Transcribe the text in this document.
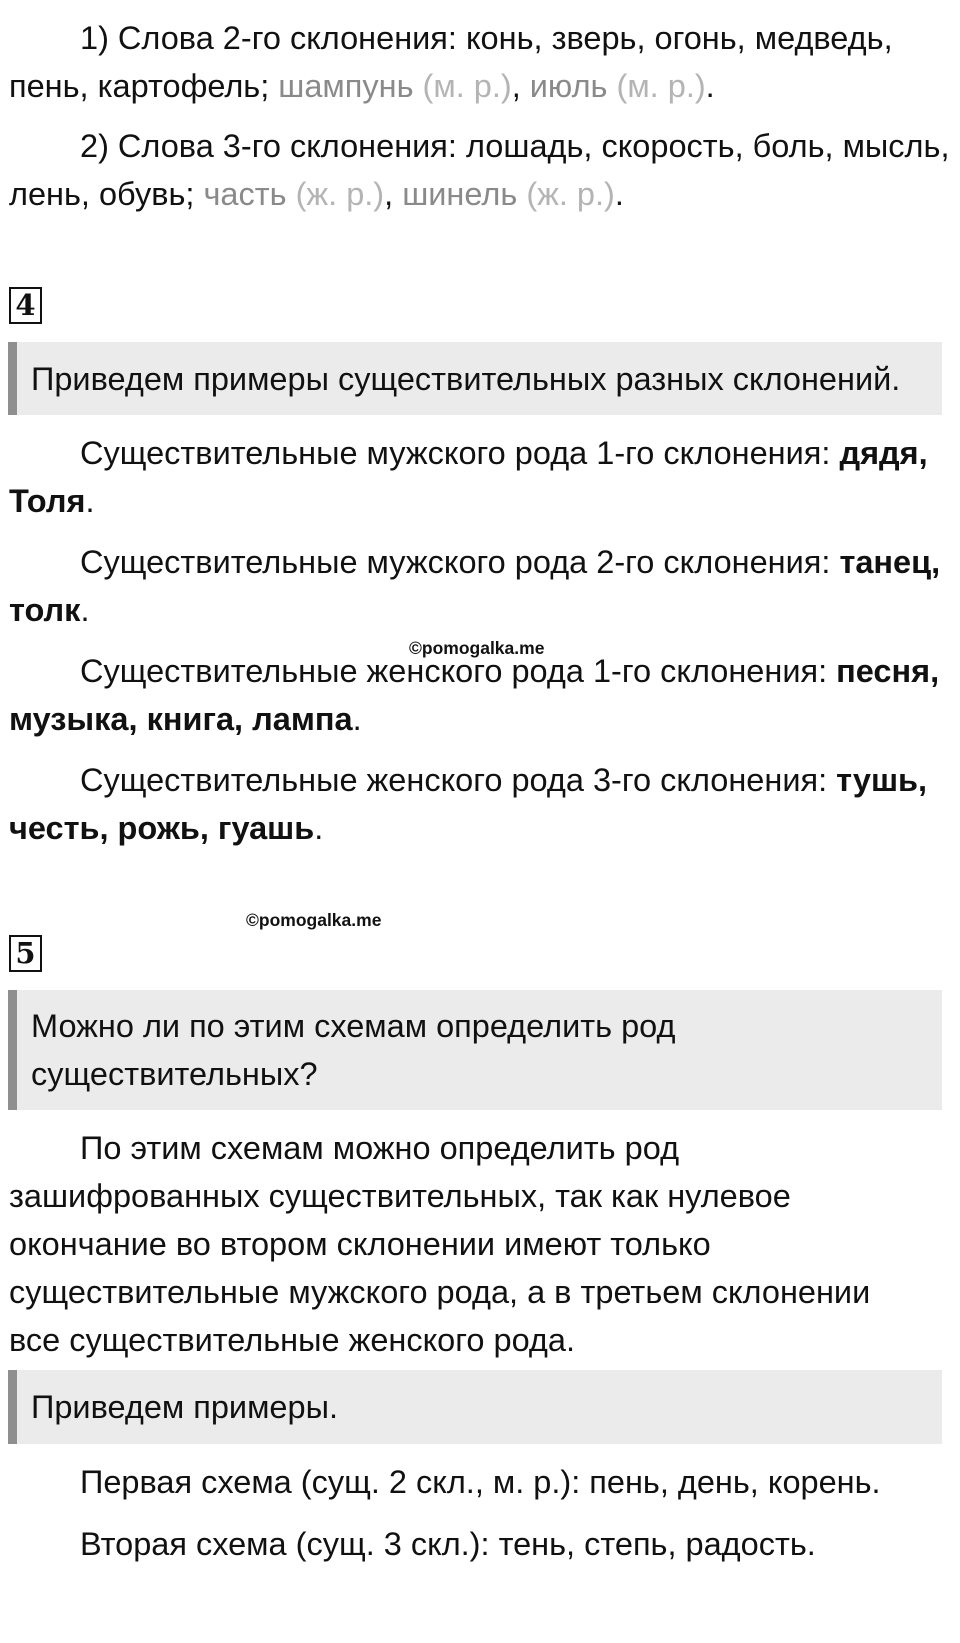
1) Слова 2-го склонения: конь, зверь, огонь, медведь, пень, картофель; шампунь (м. р.), июль (м. р.).

2) Слова 3-го склонения: лошадь, скорость, боль, мысль, лень, обувь; часть (ж. р.), шинель (ж. р.).

4
Приведем примеры существительных разных склонений.

Существительные мужского рода 1-го склонения: дядя, Толя.

Существительные мужского рода 2-го склонения: танец, толк.

©pomogalka.me

Существительные женского рода 1-го склонения: песня, музыка, книга, лампа.

Существительные женского рода 3-го склонения: тушь, честь, рожь, гуашь.

©pomogalka.me
5
Можно ли по этим схемам определить род
существительных?

По этим схемам можно определить род зашифрованных существительных, так как нулевое окончание во втором склонении имеют только существительные мужского рода, а в третьем склонении все существительные женского рода.

Приведем примеры.

Первая схема (сущ. 2 скл., м. р.): пень, день, корень.

Вторая схема (сущ. 3 скл.): тень, степь, радость.
